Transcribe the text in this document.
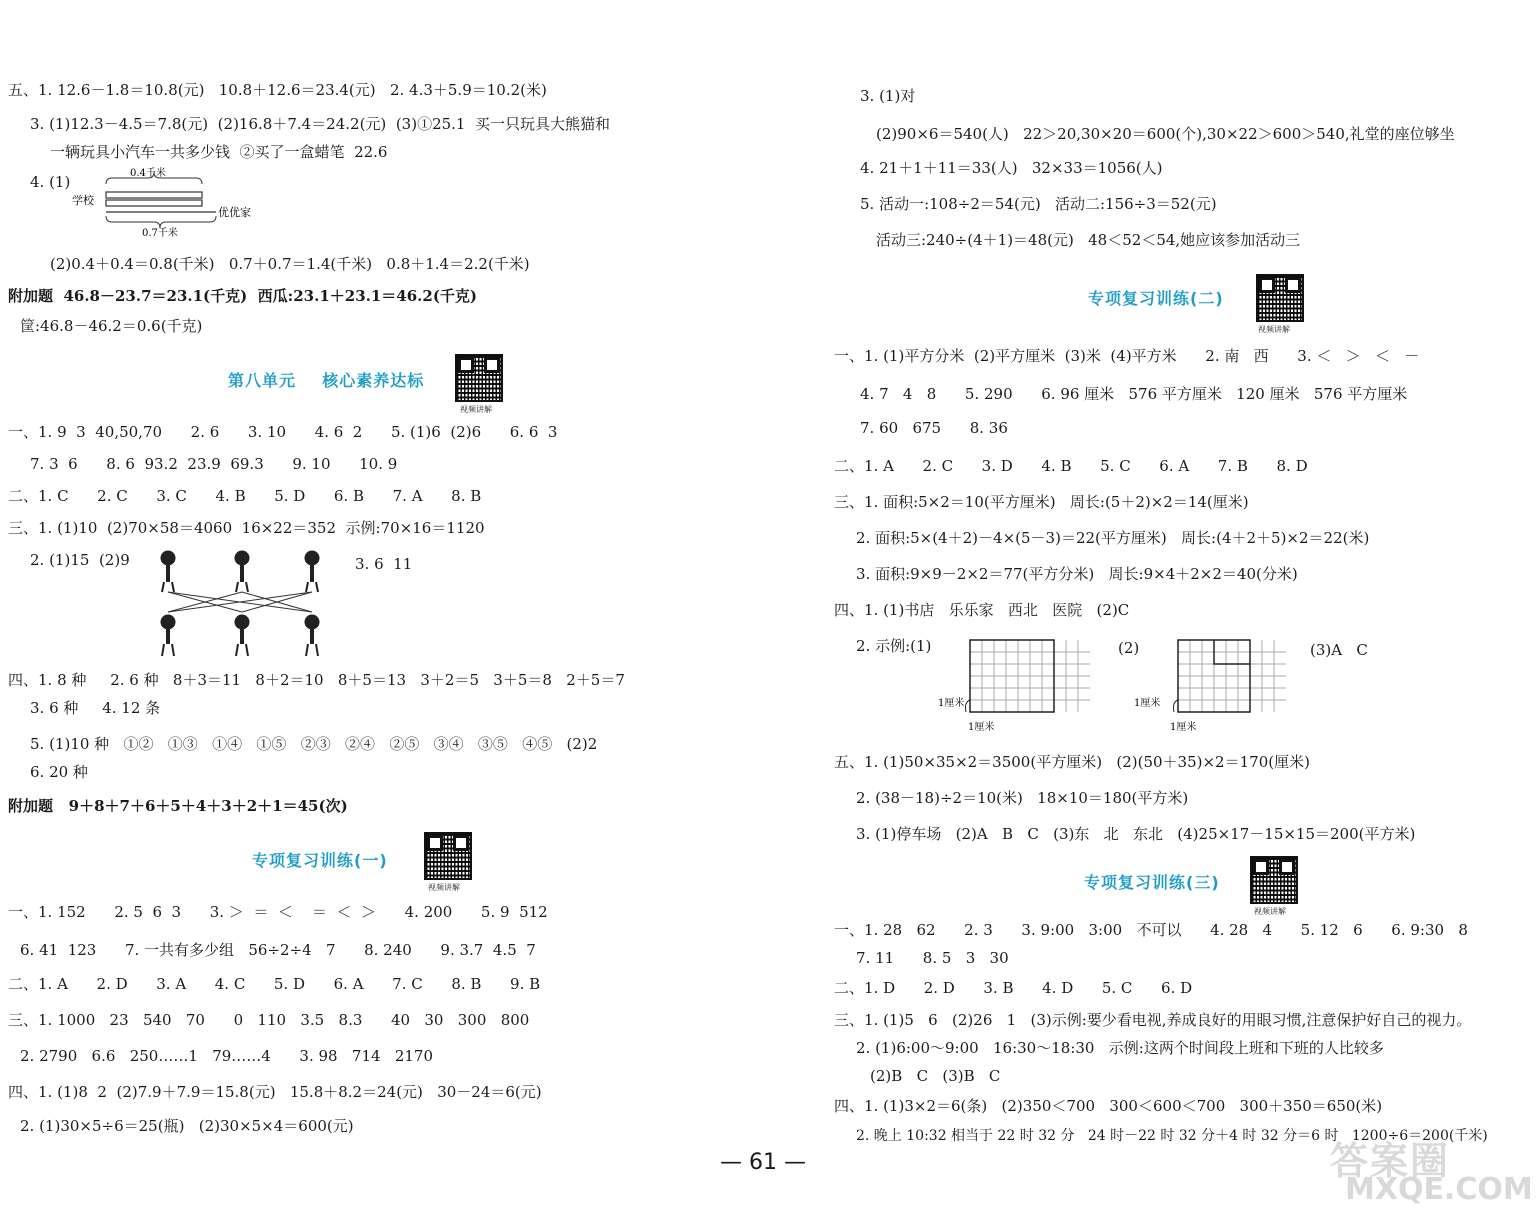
五、1. 12.6－1.8＝10.8(元)   10.8＋12.6＝23.4(元)   2. 4.3＋5.9＝10.2(米)
3. (1)12.3－4.5＝7.8(元)  (2)16.8＋7.4＝24.2(元)  (3)①25.1  买一只玩具大熊猫和
一辆玩具小汽车一共多少钱  ②买了一盒蜡笔  22.6
4. (1)	0.4千米
学校
优优家
0.7千米
(2)0.4＋0.4＝0.8(千米)   0.7＋0.7＝1.4(千米)   0.8＋1.4＝2.2(千米)
附加题  46.8－23.7＝23.1(千克)  西瓜:23.1＋23.1＝46.2(千克)
筐:46.8－46.2＝0.6(千克)
第八单元    核心素养达标
视频讲解
一、1. 9  3  40,50,70      2. 6      3. 10      4. 6  2      5. (1)6  (2)6      6. 6  3
7. 3  6      8. 6  93.2  23.9  69.3      9. 10      10. 9
二、1. C      2. C      3. C      4. B      5. D      6. B      7. A      8. B
三、1. (1)10  (2)70×58＝4060  16×22＝352  示例:70×16＝1120
2. (1)15  (2)9	3. 6  11
四、1. 8 种     2. 6 种   8＋3＝11   8＋2＝10   8＋5＝13   3＋2＝5   3＋5＝8   2＋5＝7
3. 6 种     4. 12 条
5. (1)10 种   ①②   ①③   ①④   ①⑤   ②③   ②④   ②⑤   ③④   ③⑤   ④⑤   (2)2
6. 20 种
附加题   9＋8＋7＋6＋5＋4＋3＋2＋1＝45(次)
专项复习训练(一)
视频讲解
一、1. 152      2. 5  6  3      3. ＞  ＝  ＜    ＝  ＜  ＞      4. 200      5. 9  512
6. 41  123      7. 一共有多少组   56÷2÷4   7      8. 240      9. 3.7  4.5  7
二、1. A      2. D      3. A      4. C      5. D      6. A      7. C      8. B      9. B
三、1. 1000   23   540   70      0   110   3.5   8.3      40   30   300   800
2. 2790   6.6   250……1   79……4      3. 98   714   2170
四、1. (1)8  2  (2)7.9＋7.9＝15.8(元)   15.8＋8.2＝24(元)   30－24＝6(元)
2. (1)30×5÷6＝25(瓶)   (2)30×5×4＝600(元)
3. (1)对
(2)90×6＝540(人)   22＞20,30×20＝600(个),30×22＞600＞540,礼堂的座位够坐
4. 21＋1＋11＝33(人)   32×33＝1056(人)
5. 活动一:108÷2＝54(元)   活动二:156÷3＝52(元)
活动三:240÷(4＋1)＝48(元)   48＜52＜54,她应该参加活动三
专项复习训练(二)
视频讲解
一、1. (1)平方分米  (2)平方厘米  (3)米  (4)平方米      2. 南   西      3. ＜   ＞   ＜   －
4. 7   4   8      5. 290      6. 96 厘米   576 平方厘米   120 厘米   576 平方厘米
7. 60   675      8. 36
二、1. A      2. C      3. D      4. B      5. C      6. A      7. B      8. D
三、1. 面积:5×2＝10(平方厘米)   周长:(5＋2)×2＝14(厘米)
2. 面积:5×(4＋2)－4×(5－3)＝22(平方厘米)   周长:(4＋2＋5)×2＝22(米)
3. 面积:9×9－2×2＝77(平方分米)   周长:9×4＋2×2＝40(分米)
四、1. (1)书店   乐乐家   西北   医院   (2)C
2. 示例:(1)	(2)	(3)A   C
1厘米
1厘米
1厘米
1厘米
五、1. (1)50×35×2＝3500(平方厘米)   (2)(50＋35)×2＝170(厘米)
2. (38－18)÷2＝10(米)   18×10＝180(平方米)
3. (1)停车场   (2)A   B   C   (3)东   北   东北   (4)25×17－15×15＝200(平方米)
专项复习训练(三)
视频讲解
一、1. 28   62      2. 3      3. 9:00   3:00   不可以      4. 28   4      5. 12   6      6. 9:30   8
7. 11      8. 5   3   30
二、1. D      2. D      3. B      4. D      5. C      6. D
三、1. (1)5   6   (2)26   1   (3)示例:要少看电视,养成良好的用眼习惯,注意保护好自己的视力。
2. (1)6:00～9:00   16:30～18:30   示例:这两个时间段上班和下班的人比较多
(2)B   C   (3)B   C
四、1. (1)3×2＝6(条)   (2)350＜700   300＜600＜700   300＋350＝650(米)
2. 晚上 10:32 相当于 22 时 32 分   24 时－22 时 32 分＋4 时 32 分＝6 时   1200÷6＝200(千米)
— 61 —	答案圈
MXQE.COM
